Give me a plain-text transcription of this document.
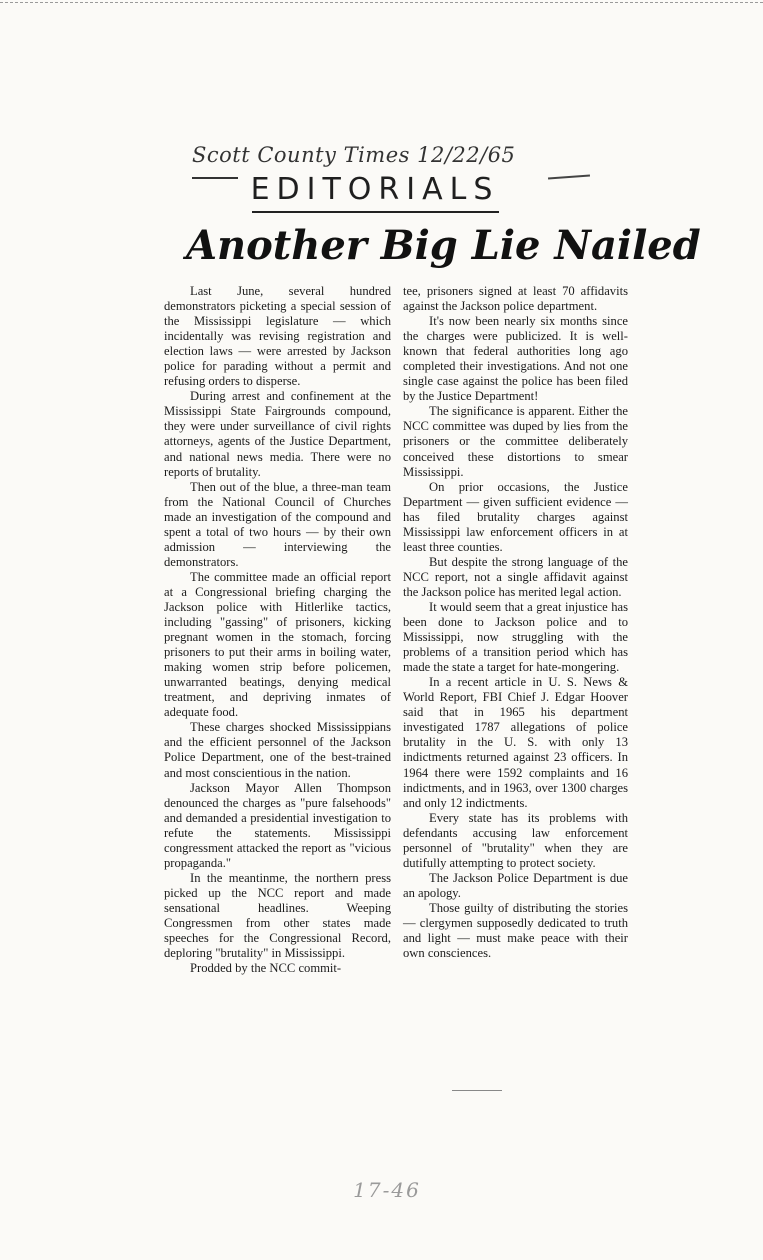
Scott County Times 12/22/65
EDITORIALS
Another Big Lie Nailed

Last June, several hundred demonstrators picketing a special session of the Mississippi legislature — which incidentally was revising registration and election laws — were arrested by Jackson police for parading without a permit and refusing orders to disperse.

During arrest and confinement at the Mississippi State Fairgrounds compound, they were under surveillance of civil rights attorneys, agents of the Justice Department, and national news media. There were no reports of brutality.

Then out of the blue, a three-man team from the National Council of Churches made an investigation of the compound and spent a total of two hours — by their own admission — interviewing the demonstrators.

The committee made an official report at a Congressional briefing charging the Jackson police with Hitlerlike tactics, including "gassing" of prisoners, kicking pregnant women in the stomach, forcing prisoners to put their arms in boiling water, making women strip before policemen, unwarranted beatings, denying medical treatment, and depriving inmates of adequate food.

These charges shocked Mississippians and the efficient personnel of the Jackson Police Department, one of the best-trained and most conscientious in the nation.

Jackson Mayor Allen Thompson denounced the charges as "pure falsehoods" and demanded a presidential investigation to refute the statements. Mississippi congressment attacked the report as "vicious propaganda."

In the meantinme, the northern press picked up the NCC report and made sensational headlines. Weeping Congressmen from other states made speeches for the Congressional Record, deploring "brutality" in Mississippi.

Prodded by the NCC commit-

tee, prisoners signed at least 70 affidavits against the Jackson police department.

It's now been nearly six months since the charges were publicized. It is well-known that federal authorities long ago completed their investigations. And not one single case against the police has been filed by the Justice Department!

The significance is apparent. Either the NCC committee was duped by lies from the prisoners or the committee deliberately conceived these distortions to smear Mississippi.

On prior occasions, the Justice Department — given sufficient evidence — has filed brutality charges against Mississippi law enforcement officers in at least three counties.

But despite the strong language of the NCC report, not a single affidavit against the Jackson police has merited legal action.

It would seem that a great injustice has been done to Jackson police and to Mississippi, now struggling with the problems of a transition period which has made the state a target for hate-mongering.

In a recent article in U. S. News & World Report, FBI Chief J. Edgar Hoover said that in 1965 his department investigated 1787 allegations of police brutality in the U. S. with only 13 indictments returned against 23 officers. In 1964 there were 1592 complaints and 16 indictments, and in 1963, over 1300 charges and only 12 indictments.

Every state has its problems with defendants accusing law enforcement personnel of "brutality" when they are dutifully attempting to protect society.

The Jackson Police Department is due an apology.

Those guilty of distributing the stories — clergymen supposedly dedicated to truth and light — must make peace with their own consciences.

17-46
